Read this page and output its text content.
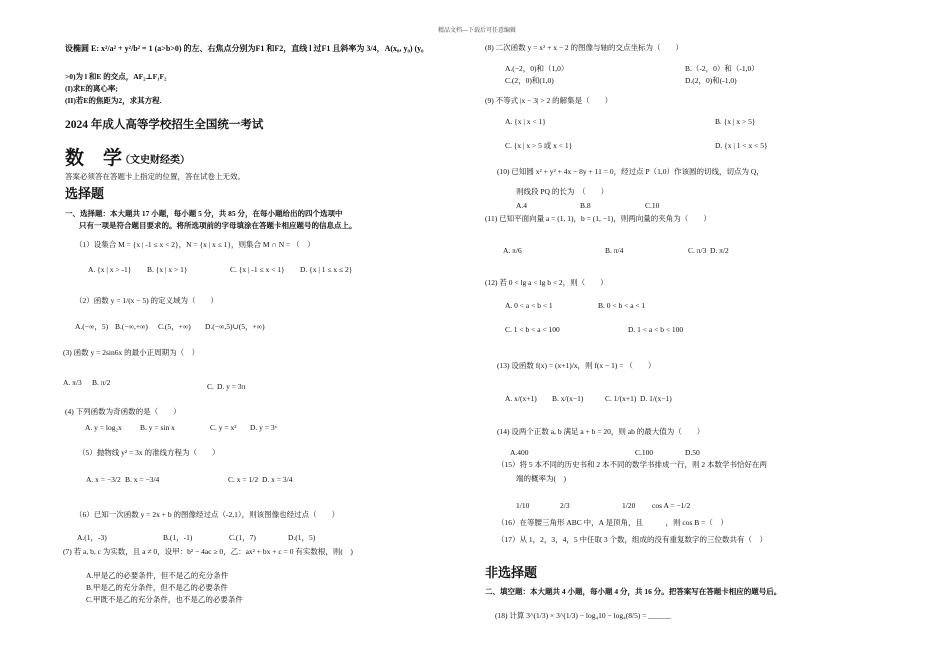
精品文档---下载后可任意编辑
设椭圆 E: x²/a² + y²/b² = 1 (a>b>0) 的左、右焦点分别为F1 和F2，直线 l 过F1 且斜率为 3/4，A(x₀, y₀) (y₀
>0)为 l 和E 的交点，AF₂⊥F₁F₂
(I)求E的离心率;
(II)若E的焦距为2，求其方程.
2024 年成人高等学校招生全国统一考试
数　学
（文史财经类）
答案必须答在答题卡上指定的位置，答在试卷上无效。
选择题
一、选择题：本大题共 17 小题，每小题 5 分，共 85 分，在每小题给出的四个选项中
只有一项是符合题目要求的。将所选项前的字母填涂在答题卡相应题号的信息点上。
（1）设集合 M = {x | -1 ≤ x < 2}，N = {x | x ≤ 1}，则集合 M ∩ N = （　）
A. {x | x > -1} B. {x | x > 1}	C. {x | -1 ≤ x < 1} D. {x | 1 ≤ x ≤ 2}
（2）函数 y = 1/(x − 5) 的定义域为（　　）
A.(−∞，5) B.(−∞,+∞) C.(5，+∞) D.(−∞,5)∪(5，+∞)
(3) 函数 y = 2sin6x 的最小正周期为（　）
A. π/3 B. π/2	C. D. y = 3π
(4) 下列函数为奇函数的是（　　）
A. y = log₂x B. y = sin x	C. y = x² D. y = 3ˣ
（5）抛物线 y² = 3x 的准线方程为（　　）
A. x = −3/2 B. x = −3/4	C. x = 1/2 D. x = 3/4
（6）已知一次函数 y = 2x + b 的图像经过点（-2,1），则该图像也经过点（　　）
A.(1，-3)	B.(1，-1)	C.(1，7)	D.(1，5)
(7) 若 a, b, c 为实数，且 a ≠ 0，设甲：b² − 4ac ≥ 0，乙：ax² + bx + c = 0 有实数根，则(　)
A.甲是乙的必要条件，但不是乙的充分条件
B.甲是乙的充分条件，但不是乙的必要条件
C.甲既不是乙的充分条件，也不是乙的必要条件
(8) 二次函数 y = x² + x − 2 的图像与轴的交点坐标为（　　）
A.(−2，0)和（1,0）	B.（-2，0）和（-1,0）
C.(2，0)和(1,0)	D.(2，0)和(-1,0)
(9) 不等式 |x − 3| > 2 的解集是（　　）
A. {x | x < 1}	B. {x | x > 5}
C. {x | x > 5 或 x < 1}	D. {x | 1 < x < 5}
(10) 已知圆 x² + y² + 4x − 8y + 11 = 0，经过点 P（1,0）作该圆的切线，切点为 Q，
则线段 PQ 的长为　（　　）
A.4	B.8	C.10
(11) 已知平面向量 a = (1, 1)，b = (1, −1)，则两向量的夹角为（　　）
A. π/6	B. π/4	C. π/3 D. π/2
(12) 若 0 < lg a < lg b < 2，则（　　）
A. 0 < a < b < 1	B. 0 < b < a < 1
C. 1 < b < a < 100	D. 1 < a < b < 100
(13) 设函数 f(x) = (x+1)/x，则 f(x − 1) = （　　）
A. x/(x+1) B. x/(x−1)	C. 1/(x+1) D. 1/(x−1)
(14) 设两个正数 a, b 满足 a + b = 20，则 ab 的最大值为（　　）
A.400	C.100	D.50
（15）将 5 本不同的历史书和 2 本不同的数学书排成一行，则 2 本数学书恰好在两
端的概率为(　)
1/10	2/3	1/20
（16）在等腰三角形 ABC 中，A 是顶角，且　　　，则 cos B =（　）
cos A = −1/2
（17）从 1，2，3，4，5 中任取 3 个数，组成的没有重复数字的三位数共有（　）
非选择题
二、填空题：本大题共 4 小题，每小题 4 分，共 16 分。把答案写在答题卡相应的题号后。
(18) 计算 3^(1/3) × 3^(1/3) − log₄10 − log₄(8/5) = ______
